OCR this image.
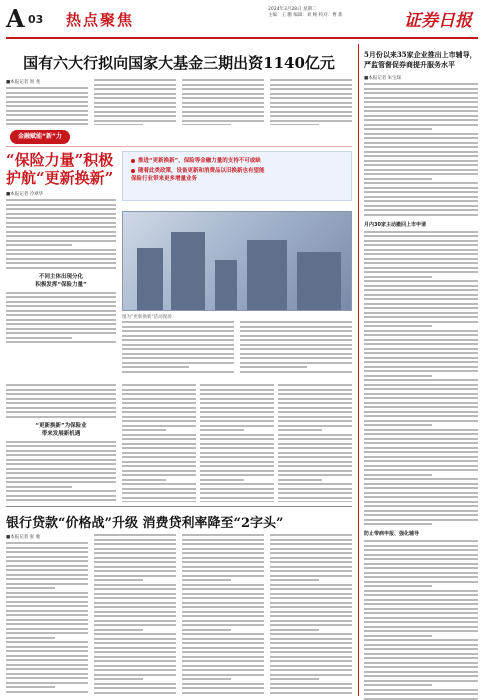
A 03 热点聚焦
2024年3月28日 星期二
主编：王 鹏 编辑：刘 畅 校对：曹 新	证券日报
国有六大行拟向国家大基金三期出资1140亿元
■本报记者 周 尧
金融赋能“新”力
“保险力量”积极护航“更新换新”
■本报记者 冷翠华
不同主体出现分化
积极发挥“保险力量”
推进“更新换新”，保险等金融力量的支持不可或缺
随着此类政策，设备更新和消费品以旧换新也有望能
保险行业带来更多增量业务
图为“更新换新”活动现场
“更新换新”为保险业
带来发展新机遇
银行贷款“价格战”升级 消费贷利率降至“2字头”
■本报记者 张 驰
5月份以来35家企业推出上市辅导，严监管督促券商提升服务水平
■本报记者 朱宝琛
月内30家主动撤回上市申请
防止带病申报、强化辅导
